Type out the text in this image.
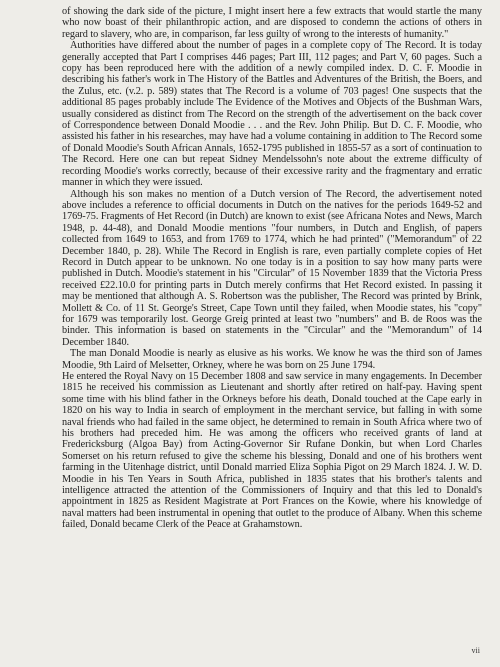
of showing the dark side of the picture, I might insert here a few extracts that would startle the many who now boast of their philanthropic action, and are disposed to condemn the actions of others in regard to slavery, who are, in comparison, far less guilty of wrong to the interests of humanity."

Authorities have differed about the number of pages in a complete copy of The Record. It is today generally accepted that Part I comprises 446 pages; Part III, 112 pages; and Part V, 60 pages. Such a copy has been reproduced here with the addition of a newly compiled index. D. C. F. Moodie in describing his father's work in The History of the Battles and Adventures of the British, the Boers, and the Zulus, etc. (v.2. p. 589) states that The Record is a volume of 703 pages! One suspects that the additional 85 pages probably include The Evidence of the Motives and Objects of the Bushman Wars, usually considered as distinct from The Record on the strength of the advertisement on the back cover of Correspondence between Donald Moodie . . . and the Rev. John Philip. But D. C. F. Moodie, who assisted his father in his researches, may have had a volume containing in addition to The Record some of Donald Moodie's South African Annals, 1652-1795 published in 1855-57 as a sort of continuation to The Record. Here one can but repeat Sidney Mendelssohn's note about the extreme difficulty of recording Moodie's works correctly, because of their excessive rarity and the fragmentary and erratic manner in which they were issued.

Although his son makes no mention of a Dutch version of The Record, the advertisement noted above includes a reference to official documents in Dutch on the natives for the periods 1649-52 and 1769-75. Fragments of Het Record (in Dutch) are known to exist (see Africana Notes and News, March 1948, p. 44-48), and Donald Moodie mentions "four numbers, in Dutch and English, of papers collected from 1649 to 1653, and from 1769 to 1774, which he had printed" ("Memorandum" of 22 December 1840, p. 28). While The Record in English is rare, even partially complete copies of Het Record in Dutch appear to be unknown. No one today is in a position to say how many parts were published in Dutch. Moodie's statement in his "Circular" of 15 November 1839 that the Victoria Press received £22.10.0 for printing parts in Dutch merely confirms that Het Record existed. In passing it may be mentioned that although A. S. Robertson was the publisher, The Record was printed by Brink, Mollett & Co. of 11 St. George's Street, Cape Town until they failed, when Moodie states, his "copy" for 1679 was temporarily lost. George Greig printed at least two "numbers" and B. de Roos was the binder. This information is based on statements in the "Circular" and the "Memorandum" of 14 December 1840.

The man Donald Moodie is nearly as elusive as his works. We know he was the third son of James Moodie, 9th Laird of Melsetter, Orkney, where he was born on 25 June 1794.

He entered the Royal Navy on 15 December 1808 and saw service in many engagements. In December 1815 he received his commission as Lieutenant and shortly after retired on half-pay. Having spent some time with his blind father in the Orkneys before his death, Donald touched at the Cape early in 1820 on his way to India in search of employment in the merchant service, but falling in with some naval friends who had failed in the same object, he determined to remain in South Africa where two of his brothers had preceded him. He was among the officers who received grants of land at Fredericksburg (Algoa Bay) from Acting-Governor Sir Rufane Donkin, but when Lord Charles Somerset on his return refused to give the scheme his blessing, Donald and one of his brothers went farming in the Uitenhage district, until Donald married Eliza Sophia Pigot on 29 March 1824. J. W. D. Moodie in his Ten Years in South Africa, published in 1835 states that his brother's talents and intelligence attracted the attention of the Commissioners of Inquiry and that this led to Donald's appointment in 1825 as Resident Magistrate at Port Frances on the Kowie, where his knowledge of naval matters had been instrumental in opening that outlet to the produce of Albany. When this scheme failed, Donald became Clerk of the Peace at Grahamstown.

vii
